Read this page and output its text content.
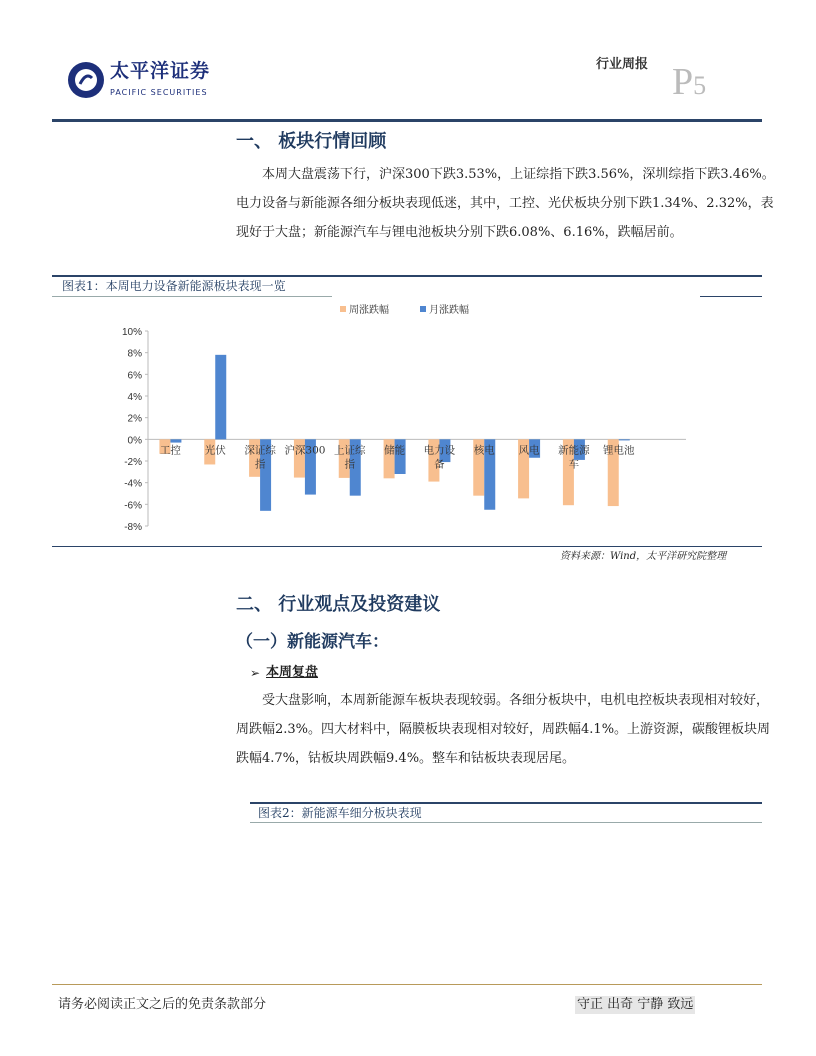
太平洋证券
PACIFIC SECURITIES
行业周报 P5
一、 板块行情回顾

本周大盘震荡下行，沪深300下跌3.53%，上证综指下跌3.56%，深圳综指下跌3.46%。电力设备与新能源各细分板块表现低迷，其中，工控、光伏板块分别下跌1.34%、2.32%，表现好于大盘；新能源汽车与锂电池板块分别下跌6.08%、6.16%，跌幅居前。

图表1：本周电力设备新能源板块表现一览
10%
8%
6%
4%
2%
0%
-2%
-4%
-6%
-8%
周涨跌幅	月涨跌幅
工控 光伏 深证综
指
沪深300 上证综
指
储能 电力设
备
核电 风电 新能源
车
锂电池
资料来源：Wind，太平洋研究院整理
二、 行业观点及投资建议
（一）新能源汽车：
➢ 本周复盘

受大盘影响，本周新能源车板块表现较弱。各细分板块中，电机电控板块表现相对较好，周跌幅2.3%。四大材料中，隔膜板块表现相对较好，周跌幅4.1%。上游资源，碳酸锂板块周跌幅4.7%，钴板块周跌幅9.4%。整车和钴板块表现居尾。

图表2：新能源车细分板块表现
请务必阅读正文之后的免责条款部分	守正 出奇 宁静 致远
